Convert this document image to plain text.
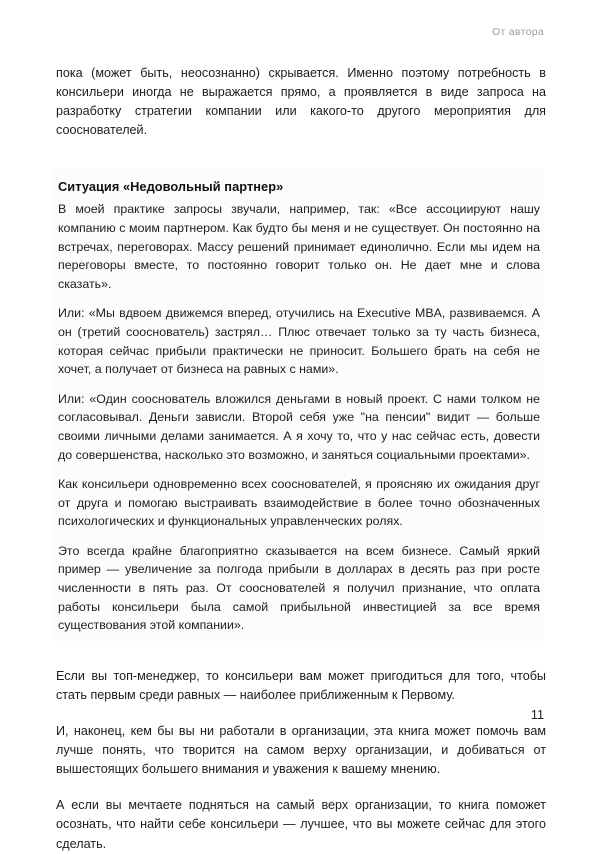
От автора

пока (может быть, неосознанно) скрывается. Именно поэтому потребность в консильери иногда не выражается прямо, а проявляется в виде запроса на разработку стратегии компании или какого-то другого мероприятия для сооснователей.

Ситуация «Недовольный партнер»

В моей практике запросы звучали, например, так: «Все ассоциируют нашу компанию с моим партнером. Как будто бы меня и не существует. Он постоянно на встречах, переговорах. Массу решений принимает единолично. Если мы идем на переговоры вместе, то постоянно говорит только он. Не дает мне и слова сказать».

Или: «Мы вдвоем движемся вперед, отучились на Executive MBA, развиваемся. А он (третий сооснователь) застрял… Плюс отвечает только за ту часть бизнеса, которая сейчас прибыли практически не приносит. Большего брать на себя не хочет, а получает от бизнеса на равных с нами».

Или: «Один сооснователь вложился деньгами в новый проект. С нами толком не согласовывал. Деньги зависли. Второй себя уже "на пенсии" видит — больше своими личными делами занимается. А я хочу то, что у нас сейчас есть, довести до совершенства, насколько это возможно, и заняться социальными проектами».

Как консильери одновременно всех сооснователей, я проясняю их ожидания друг от друга и помогаю выстраивать взаимодействие в более точно обозначенных психологических и функциональных управленческих ролях.

Это всегда крайне благоприятно сказывается на всем бизнесе. Самый яркий пример — увеличение за полгода прибыли в долларах в десять раз при росте численности в пять раз. От сооснователей я получил признание, что оплата работы консильери была самой прибыльной инвестицией за все время существования этой компании».

Если вы топ-менеджер, то консильери вам может пригодиться для того, чтобы стать первым среди равных — наиболее приближенным к Первому.

И, наконец, кем бы вы ни работали в организации, эта книга может помочь вам лучше понять, что творится на самом верху организации, и добиваться от вышестоящих большего внимания и уважения к вашему мнению.

А если вы мечтаете подняться на самый верх организации, то книга поможет осознать, что найти себе консильери — лучшее, что вы можете сейчас для этого сделать.

11
